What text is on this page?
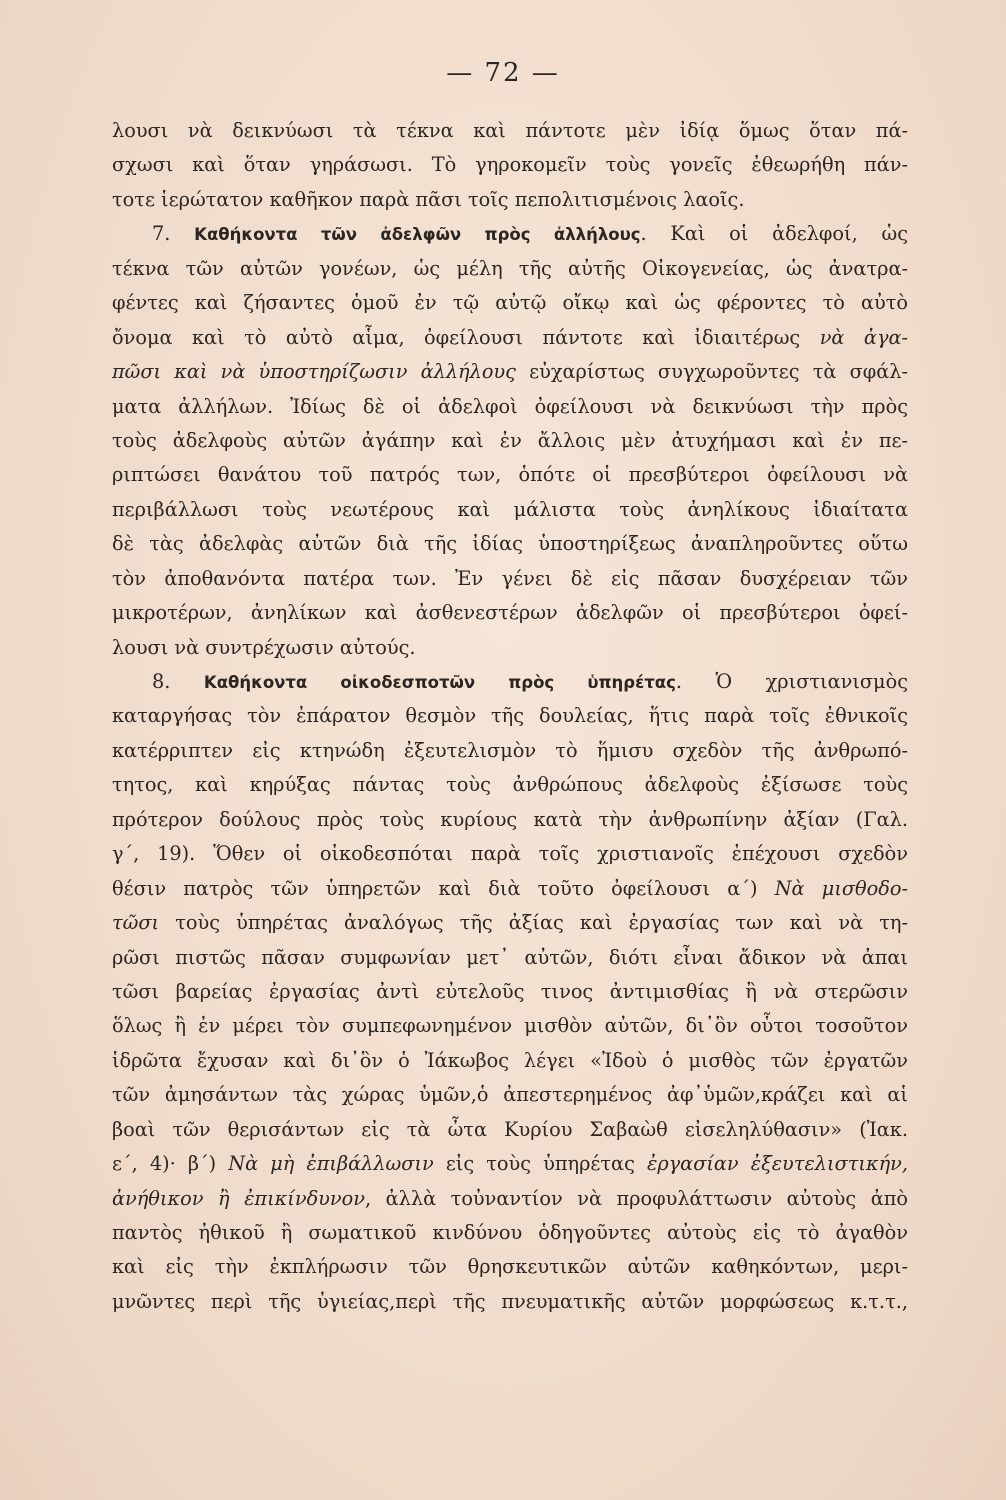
— 72 —
λουσι νὰ δεικνύωσι τὰ τέκνα καὶ πάντοτε μὲν ἰδίᾳ ὅμως ὅταν πά-
σχωσι καὶ ὅταν γηράσωσι. Τὸ γηροκομεῖν τοὺς γονεῖς ἐθεωρήθη πάν-
τοτε ἱερώτατον καθῆκον παρὰ πᾶσι τοῖς πεπολιτισμένοις λαοῖς.
7. Καθήκοντα τῶν ἀδελφῶν πρὸς ἀλλήλους. Καὶ οἱ ἀδελφοί, ὡς
τέκνα τῶν αὐτῶν γονέων, ὡς μέλη τῆς αὐτῆς Οἰκογενείας, ὡς ἀνατρα-
φέντες καὶ ζήσαντες ὁμοῦ ἐν τῷ αὐτῷ οἴκῳ καὶ ὡς φέροντες τὸ αὐτὸ
ὄνομα καὶ τὸ αὐτὸ αἷμα, ὀφείλουσι πάντοτε καὶ ἰδιαιτέρως νὰ ἀγα-
πῶσι καὶ νὰ ὑποστηρίζωσιν ἀλλήλους εὐχαρίστως συγχωροῦντες τὰ σφάλ-
ματα ἀλλήλων. Ἰδίως δὲ οἱ ἀδελφοὶ ὀφείλουσι νὰ δεικνύωσι τὴν πρὸς
τοὺς ἀδελφοὺς αὐτῶν ἀγάπην καὶ ἐν ἄλλοις μὲν ἀτυχήμασι καὶ ἐν πε-
ριπτώσει θανάτου τοῦ πατρός των, ὁπότε οἱ πρεσβύτεροι ὀφείλουσι νὰ
περιβάλλωσι τοὺς νεωτέρους καὶ μάλιστα τοὺς ἀνηλίκους ἰδιαίτατα
δὲ τὰς ἀδελφὰς αὐτῶν διὰ τῆς ἰδίας ὑποστηρίξεως ἀναπληροῦντες οὕτω
τὸν ἀποθανόντα πατέρα των. Ἐν γένει δὲ εἰς πᾶσαν δυσχέρειαν τῶν
μικροτέρων, ἀνηλίκων καὶ ἀσθενεστέρων ἀδελφῶν οἱ πρεσβύτεροι ὀφεί-
λουσι νὰ συντρέχωσιν αὐτούς.
8. Καθήκοντα οἰκοδεσποτῶν πρὸς ὑπηρέτας. Ὁ χριστιανισμὸς
καταργήσας τὸν ἐπάρατον θεσμὸν τῆς δουλείας, ἥτις παρὰ τοῖς ἐθνικοῖς
κατέρριπτεν εἰς κτηνώδη ἐξευτελισμὸν τὸ ἥμισυ σχεδὸν τῆς ἀνθρωπό-
τητος, καὶ κηρύξας πάντας τοὺς ἀνθρώπους ἀδελφοὺς ἐξίσωσε τοὺς
πρότερον δούλους πρὸς τοὺς κυρίους κατὰ τὴν ἀνθρωπίνην ἀξίαν (Γαλ.
γ΄, 19). Ὅθεν οἱ οἰκοδεσπόται παρὰ τοῖς χριστιανοῖς ἐπέχουσι σχεδὸν
θέσιν πατρὸς τῶν ὑπηρετῶν καὶ διὰ τοῦτο ὀφείλουσι α΄) Νὰ μισθοδο-
τῶσι τοὺς ὑπηρέτας ἀναλόγως τῆς ἀξίας καὶ ἐργασίας των καὶ νὰ τη-
ρῶσι πιστῶς πᾶσαν συμφωνίαν μετ᾽ αὐτῶν, διότι εἶναι ἄδικον νὰ ἀπαι
τῶσι βαρείας ἐργασίας ἀντὶ εὐτελοῦς τινος ἀντιμισθίας ἢ νὰ στερῶσιν
ὅλως ἢ ἐν μέρει τὸν συμπεφωνημένον μισθὸν αὐτῶν, δι᾽ὃν οὗτοι τοσοῦτον
ἱδρῶτα ἔχυσαν καὶ δι᾽ὃν ὁ Ἰάκωβος λέγει «Ἰδοὺ ὁ μισθὸς τῶν ἐργατῶν
τῶν ἀμησάντων τὰς χώρας ὑμῶν,ὁ ἀπεστερημένος ἀφ᾽ὑμῶν,κράζει καὶ αἱ
βοαὶ τῶν θερισάντων εἰς τὰ ὦτα Κυρίου Σαβαὼθ εἰσεληλύθασιν» (Ἰακ.
ε΄, 4)· β΄) Νὰ μὴ ἐπιβάλλωσιν εἰς τοὺς ὑπηρέτας ἐργασίαν ἐξευτελιστικήν,
ἀνήθικον ἢ ἐπικίνδυνον, ἀλλὰ τοὐναντίον νὰ προφυλάττωσιν αὐτοὺς ἀπὸ
παντὸς ἠθικοῦ ἢ σωματικοῦ κινδύνου ὁδηγοῦντες αὐτοὺς εἰς τὸ ἀγαθὸν
καὶ εἰς τὴν ἐκπλήρωσιν τῶν θρησκευτικῶν αὐτῶν καθηκόντων, μερι-
μνῶντες περὶ τῆς ὑγιείας,περὶ τῆς πνευματικῆς αὐτῶν μορφώσεως κ.τ.τ.,
